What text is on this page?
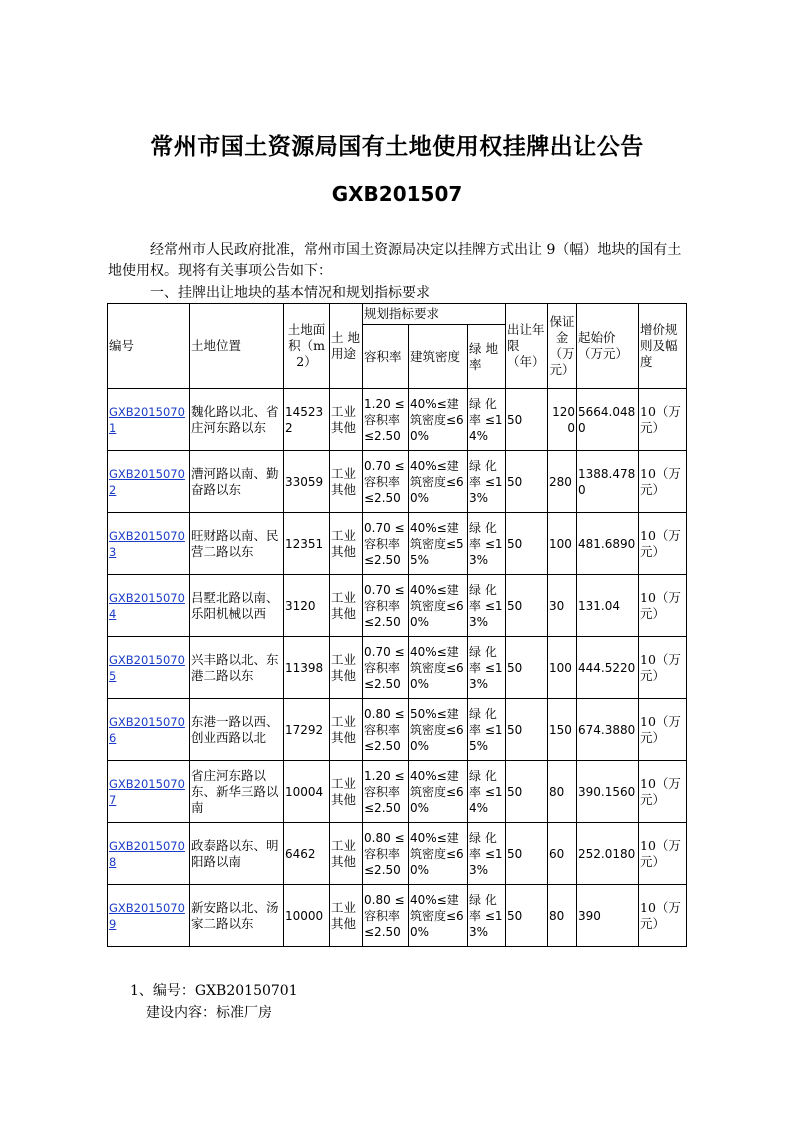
常州市国土资源局国有土地使用权挂牌出让公告
GXB201507
经常州市人民政府批准，常州市国土资源局决定以挂牌方式出让 9（幅）地块的国有土地使用权。现将有关事项公告如下：
一、挂牌出让地块的基本情况和规划指标要求
编号	土地位置	土地面积（m2）	土 地用途	规划指标要求			出让年限（年）	保证金（万元）	起始价（万元）	增价规则及幅度
				容积率	建筑密度	绿 地率				
GXB20150701	魏化路以北、省庄河东路以东	145232	工业其他	1.20 ≤容积率≤2.50	40%≤建筑密度≤60%	绿 化率 ≤14%	50	1200	5664.0480	10（万元）
GXB20150702	漕河路以南、勤奋路以东	33059	工业其他	0.70 ≤容积率≤2.50	40%≤建筑密度≤60%	绿 化率 ≤13%	50	280	1388.4780	10（万元）
GXB20150703	旺财路以南、民营二路以东	12351	工业其他	0.70 ≤容积率≤2.50	40%≤建筑密度≤55%	绿 化率 ≤13%	50	100	481.6890	10（万元）
GXB20150704	吕墅北路以南、乐阳机械以西	3120	工业其他	0.70 ≤容积率≤2.50	40%≤建筑密度≤60%	绿 化率 ≤13%	50	30	131.04	10（万元）
GXB20150705	兴丰路以北、东港二路以东	11398	工业其他	0.70 ≤容积率≤2.50	40%≤建筑密度≤60%	绿 化率 ≤13%	50	100	444.5220	10（万元）
GXB20150706	东港一路以西、创业西路以北	17292	工业其他	0.80 ≤容积率≤2.50	50%≤建筑密度≤60%	绿 化率 ≤15%	50	150	674.3880	10（万元）
GXB20150707	省庄河东路以东、新华三路以南	10004	工业其他	1.20 ≤容积率≤2.50	40%≤建筑密度≤60%	绿 化率 ≤14%	50	80	390.1560	10（万元）
GXB20150708	政泰路以东、明阳路以南	6462	工业其他	0.80 ≤容积率≤2.50	40%≤建筑密度≤60%	绿 化率 ≤13%	50	60	252.0180	10（万元）
GXB20150709	新安路以北、汤家二路以东	10000	工业其他	0.80 ≤容积率≤2.50	40%≤建筑密度≤60%	绿 化率 ≤13%	50	80	390	10（万元）
1、编号：GXB20150701
建设内容：标准厂房
